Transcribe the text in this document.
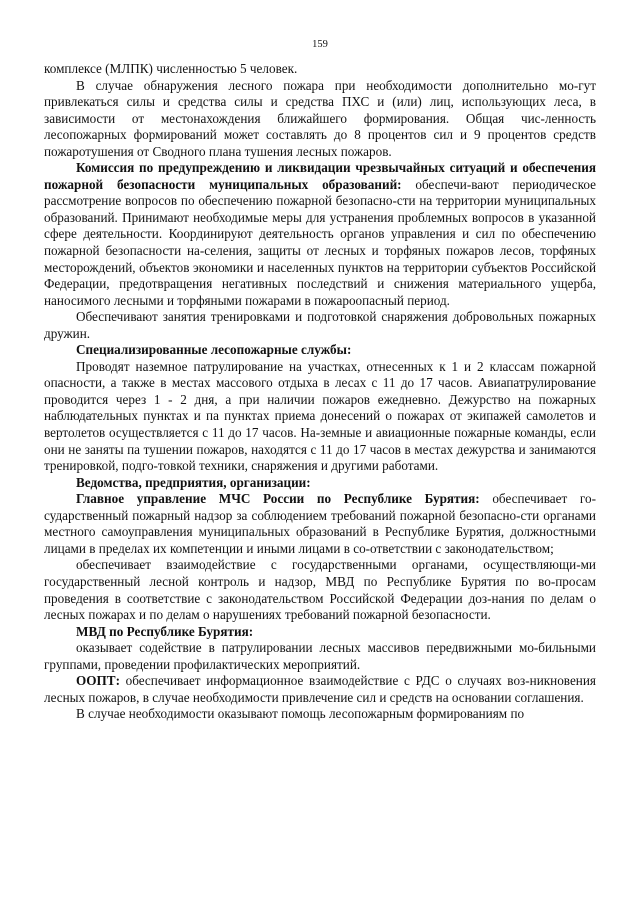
159

комплексе (МЛПК) численностью 5 человек.

В случае обнаружения лесного пожара при необходимости дополнительно мо-гут привлекаться силы и средства силы и средства ПХС и (или) лиц, использующих леса, в зависимости от местонахождения ближайшего формирования. Общая чис-ленность лесопожарных формирований может составлять до 8 процентов сил и 9 процентов средств пожаротушения от Сводного плана тушения лесных пожаров.

Комиссия по предупреждению и ликвидации чрезвычайных ситуаций и обеспечения пожарной безопасности муниципальных образований: обеспечи-вают периодическое рассмотрение вопросов по обеспечению пожарной безопасно-сти на территории муниципальных образований. Принимают необходимые меры для устранения проблемных вопросов в указанной сфере деятельности. Координируют деятельность органов управления и сил по обеспечению пожарной безопасности на-селения, защиты от лесных и торфяных пожаров лесов, торфяных месторождений, объектов экономики и населенных пунктов на территории субъектов Российской Федерации, предотвращения негативных последствий и снижения материального ущерба, наносимого лесными и торфяными пожарами в пожароопасный период.

Обеспечивают занятия тренировками и подготовкой снаряжения добровольных пожарных дружин.

Специализированные лесопожарные службы:

Проводят наземное патрулирование на участках, отнесенных к 1 и 2 классам пожарной опасности, а также в местах массового отдыха в лесах с 11 до 17 часов. Авиапатрулирование проводится через 1 - 2 дня, а при наличии пожаров ежедневно. Дежурство на пожарных наблюдательных пунктах и па пунктах приема донесений о пожарах от экипажей самолетов и вертолетов осуществляется с 11 до 17 часов. На-земные и авиационные пожарные команды, если они не заняты па тушении пожаров, находятся с 11 до 17 часов в местах дежурства и занимаются тренировкой, подго-товкой техники, снаряжения и другими работами.

Ведомства, предприятия, организации:

Главное управление МЧС России по Республике Бурятия: обеспечивает го-сударственный пожарный надзор за соблюдением требований пожарной безопасно-сти органами местного самоуправления муниципальных образований в Республике Бурятия, должностными лицами в пределах их компетенции и иными лицами в со-ответствии с законодательством;

обеспечивает взаимодействие с государственными органами, осуществляющи-ми государственный лесной контроль и надзор, МВД по Республике Бурятия по во-просам проведения в соответствие с законодательством Российской Федерации доз-нания по делам о лесных пожарах и по делам о нарушениях требований пожарной безопасности.

МВД по Республике Бурятия:

оказывает содействие в патрулировании лесных массивов передвижными мо-бильными группами, проведении профилактических мероприятий.

ООПТ: обеспечивает информационное взаимодействие с РДС о случаях воз-никновения лесных пожаров, в случае необходимости привлечение сил и средств на основании соглашения.

В случае необходимости оказывают помощь лесопожарным формированиям по
